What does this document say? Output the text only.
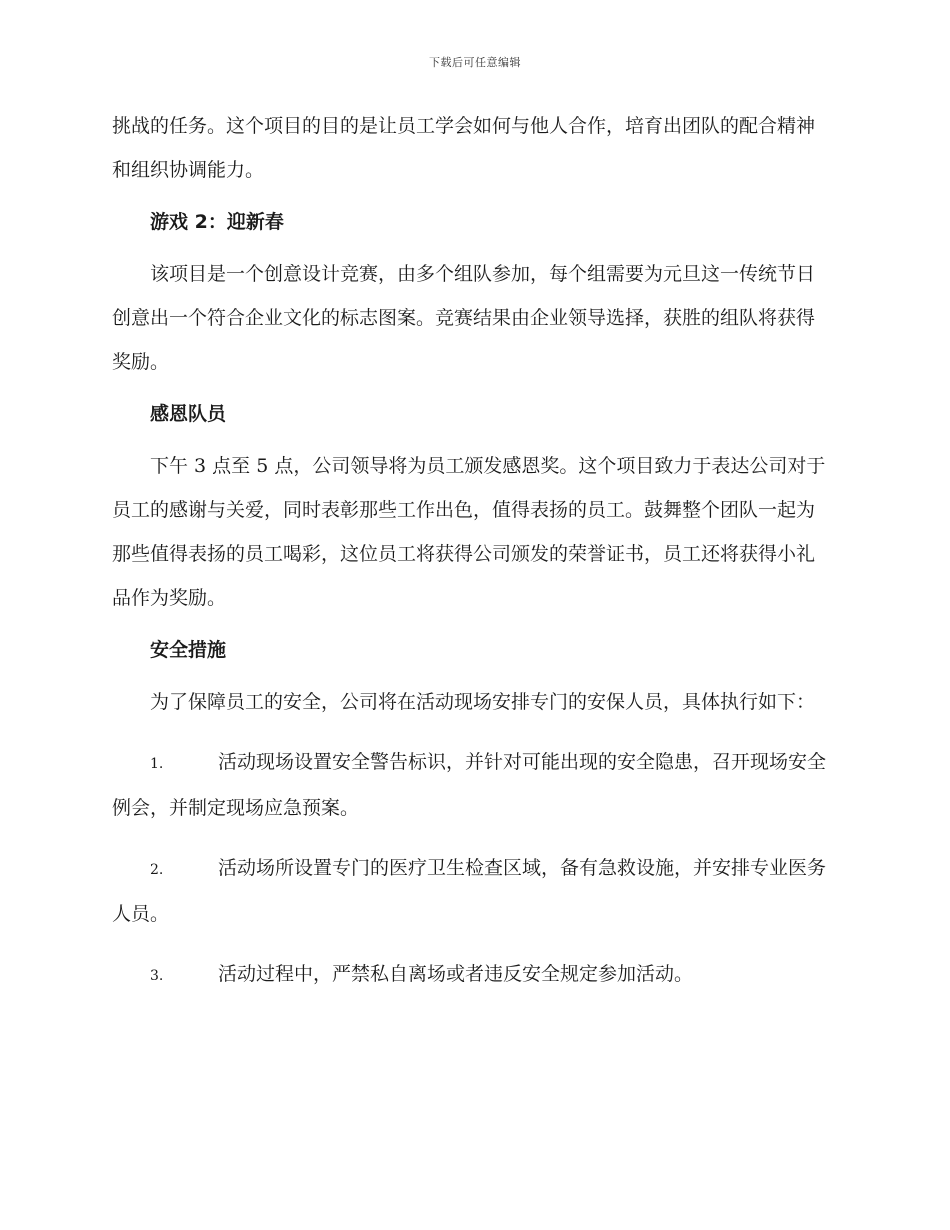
下载后可任意编辑

挑战的任务。这个项目的目的是让员工学会如何与他人合作，培育出团队的配合精神和组织协调能力。

游戏 2：迎新春

该项目是一个创意设计竞赛，由多个组队参加，每个组需要为元旦这一传统节日创意出一个符合企业文化的标志图案。竞赛结果由企业领导选择，获胜的组队将获得奖励。

感恩队员

下午 3 点至 5 点，公司领导将为员工颁发感恩奖。这个项目致力于表达公司对于员工的感谢与关爱，同时表彰那些工作出色，值得表扬的员工。鼓舞整个团队一起为那些值得表扬的员工喝彩，这位员工将获得公司颁发的荣誉证书，员工还将获得小礼品作为奖励。

安全措施

为了保障员工的安全，公司将在活动现场安排专门的安保人员，具体执行如下：

1.	活动现场设置安全警告标识，并针对可能出现的安全隐患，召开现场安全例会，并制定现场应急预案。

2.	活动场所设置专门的医疗卫生检查区域，备有急救设施，并安排专业医务人员。

3.	活动过程中，严禁私自离场或者违反安全规定参加活动。
